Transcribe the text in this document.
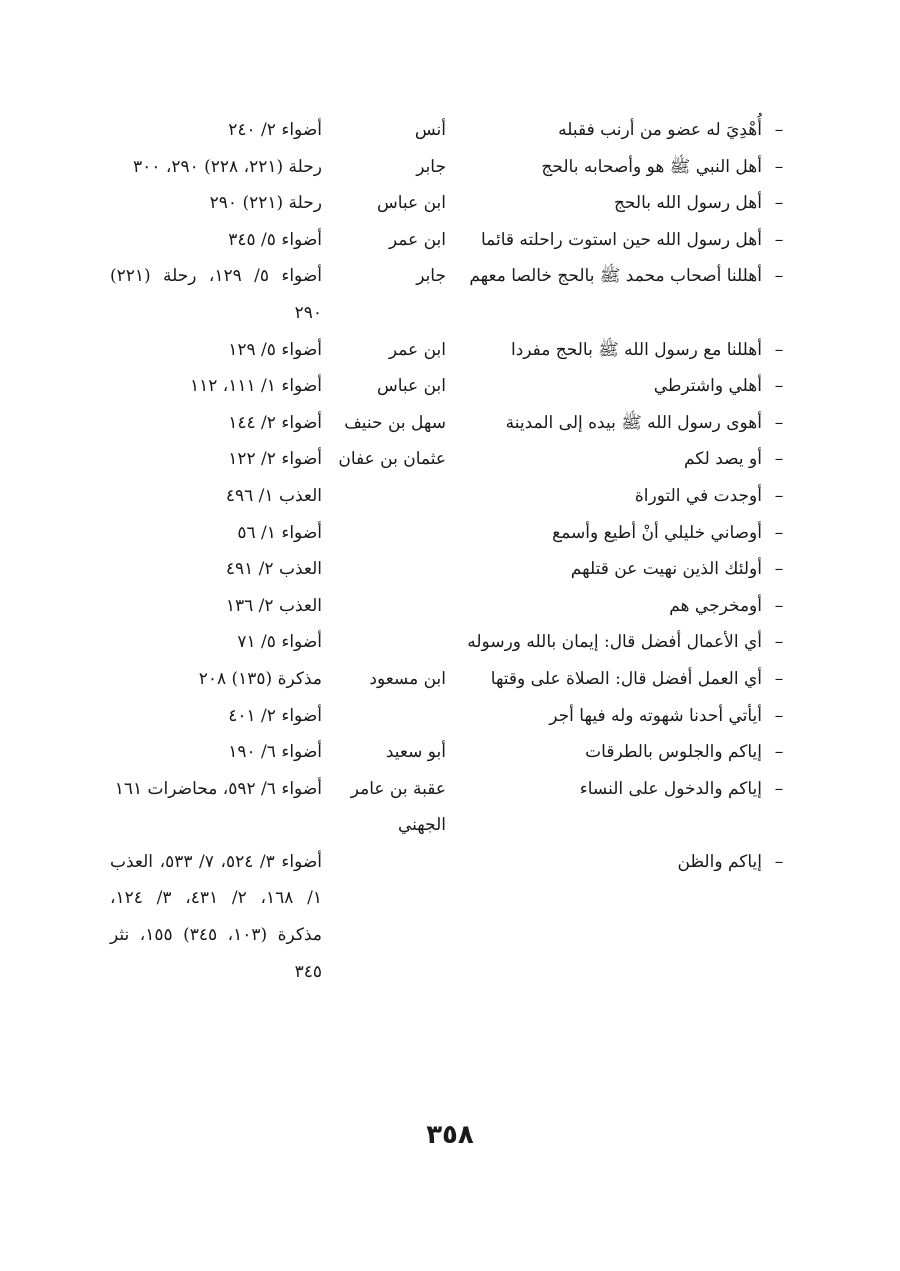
–
أُهْدِيَ له عضو من أرنب فقبله
أنس
أضواء ٢/ ٢٤٠
–
أهل النبي ﷺ هو وأصحابه بالحج
جابر
رحلة (٢٢١، ٢٢٨) ٢٩٠، ٣٠٠
–
أهل رسول الله بالحج
ابن عباس
رحلة (٢٢١) ٢٩٠
–
أهل رسول الله حين استوت راحلته قائما
ابن عمر
أضواء ٥/ ٣٤٥
–
أهللنا أصحاب محمد ﷺ بالحج خالصا معهم
جابر
أضواء ٥/ ١٢٩، رحلة (٢٢١) ٢٩٠
–
أهللنا مع رسول الله ﷺ بالحج مفردا
ابن عمر
أضواء ٥/ ١٢٩
–
أهلي واشترطي
ابن عباس
أضواء ١/ ١١١، ١١٢
–
أهوى رسول الله ﷺ بيده إلى المدينة
سهل بن حنيف
أضواء ٢/ ١٤٤
–
أو يصد لكم
عثمان بن عفان
أضواء ٢/ ١٢٢
–
أوجدت في التوراة
العذب ١/ ٤٩٦
–
أوصاني خليلي أنْ أطيع وأسمع
أضواء ١/ ٥٦
–
أولئك الذين نهيت عن قتلهم
العذب ٢/ ٤٩١
–
أومخرجي هم
العذب ٢/ ١٣٦
–
أي الأعمال أفضل قال: إيمان بالله ورسوله
أضواء ٥/ ٧١
–
أي العمل أفضل قال: الصلاة على وقتها
ابن مسعود
مذكرة (١٣٥) ٢٠٨
–
أيأتي أحدنا شهوته وله فيها أجر
أضواء ٢/ ٤٠١
–
إياكم والجلوس بالطرقات
أبو سعيد
أضواء ٦/ ١٩٠
–
إياكم والدخول على النساء
عقبة بن عامر الجهني
أضواء ٦/ ٥٩٢، محاضرات ١٦١
–
إياكم والظن
أضواء ٣/ ٥٢٤، ٧/ ٥٣٣، العذب ١/ ١٦٨، ٢/ ٤٣١، ٣/ ١٢٤، مذكرة (١٠٣، ٣٤٥) ١٥٥، نثر ٣٤٥
٣٥٨
